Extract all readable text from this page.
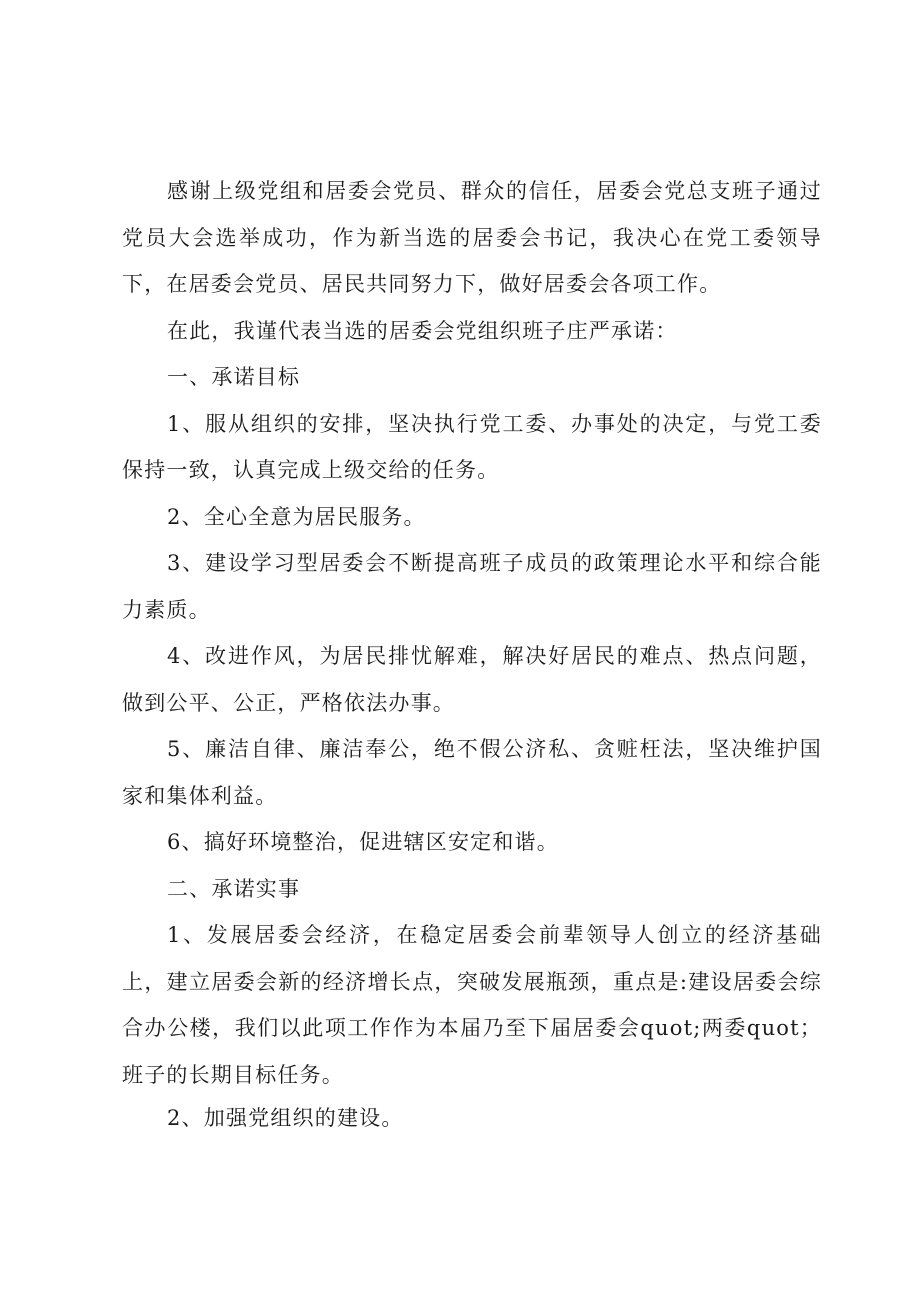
感谢上级党组和居委会党员、群众的信任，居委会党总支班子通过党员大会选举成功，作为新当选的居委会书记，我决心在党工委领导下，在居委会党员、居民共同努力下，做好居委会各项工作。

在此，我谨代表当选的居委会党组织班子庄严承诺：

一、承诺目标

1、服从组织的安排，坚决执行党工委、办事处的决定，与党工委保持一致，认真完成上级交给的任务。

2、全心全意为居民服务。

3、建设学习型居委会不断提高班子成员的政策理论水平和综合能力素质。

4、改进作风，为居民排忧解难，解决好居民的难点、热点问题，做到公平、公正，严格依法办事。

5、廉洁自律、廉洁奉公，绝不假公济私、贪赃枉法，坚决维护国家和集体利益。

6、搞好环境整治，促进辖区安定和谐。

二、承诺实事

1、发展居委会经济，在稳定居委会前辈领导人创立的经济基础上，建立居委会新的经济增长点，突破发展瓶颈，重点是:建设居委会综合办公楼，我们以此项工作作为本届乃至下届居委会quot;两委quot；班子的长期目标任务。

2、加强党组织的建设。
